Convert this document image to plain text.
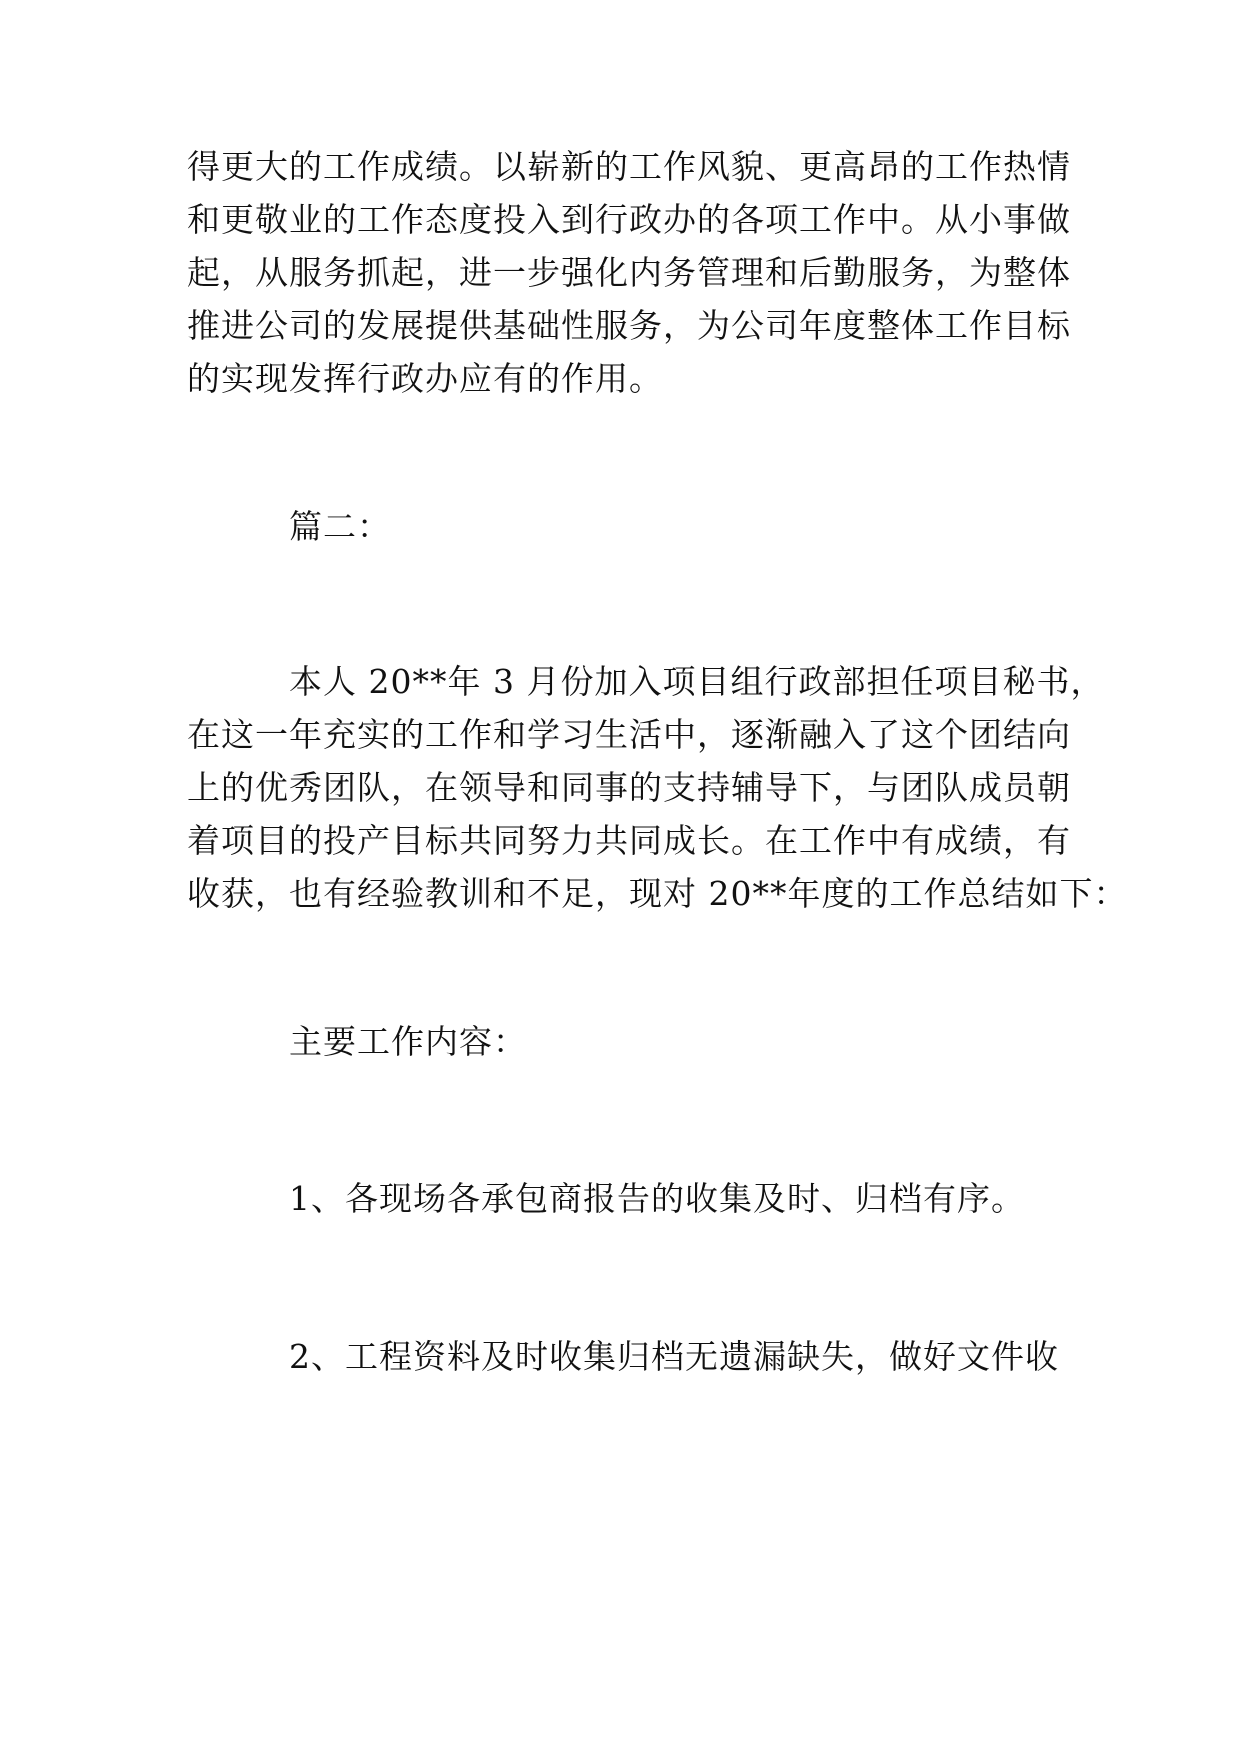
得更大的工作成绩。以崭新的工作风貌、更高昂的工作热情
和更敬业的工作态度投入到行政办的各项工作中。从小事做
起，从服务抓起，进一步强化内务管理和后勤服务，为整体
推进公司的发展提供基础性服务，为公司年度整体工作目标
的实现发挥行政办应有的作用。
篇二：
本人 20**年 3 月份加入项目组行政部担任项目秘书，
在这一年充实的工作和学习生活中，逐渐融入了这个团结向
上的优秀团队，在领导和同事的支持辅导下，与团队成员朝
着项目的投产目标共同努力共同成长。在工作中有成绩，有
收获，也有经验教训和不足，现对 20**年度的工作总结如下：
主要工作内容：
1、各现场各承包商报告的收集及时、归档有序。
2、工程资料及时收集归档无遗漏缺失，做好文件收
